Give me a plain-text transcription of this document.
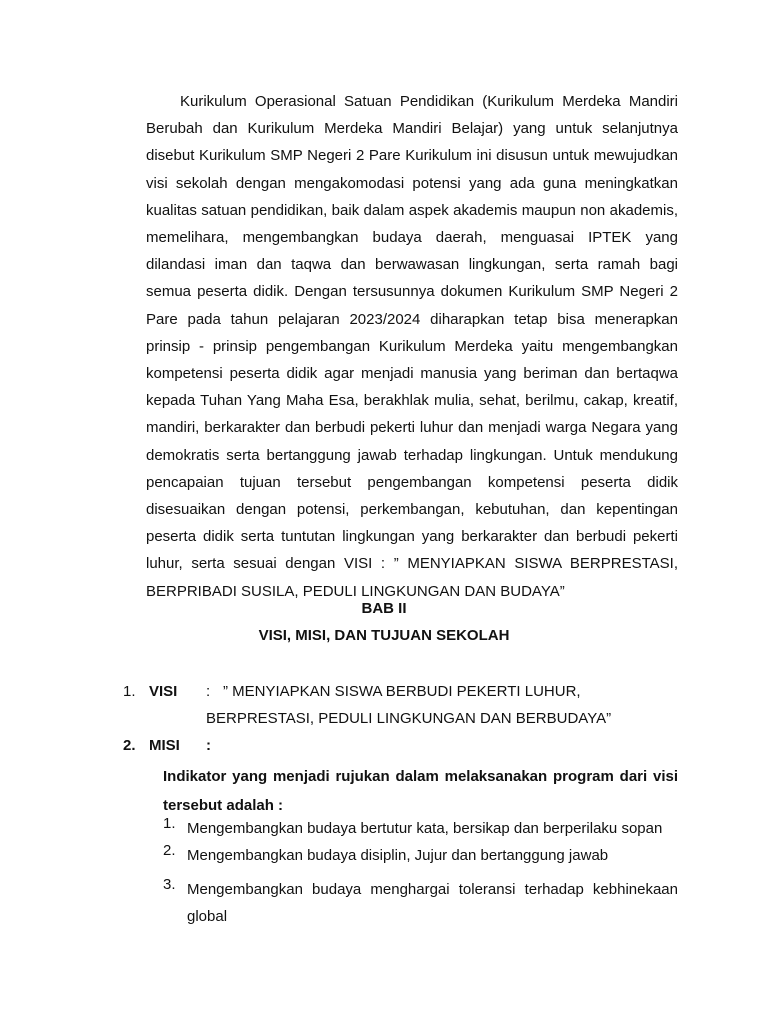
Kurikulum Operasional Satuan Pendidikan (Kurikulum Merdeka Mandiri Berubah dan Kurikulum Merdeka Mandiri Belajar) yang untuk selanjutnya disebut Kurikulum SMP Negeri 2 Pare Kurikulum ini disusun untuk mewujudkan visi sekolah dengan mengakomodasi potensi yang ada guna meningkatkan kualitas satuan pendidikan, baik dalam aspek akademis maupun non akademis, memelihara, mengembangkan budaya daerah, menguasai IPTEK yang dilandasi iman dan taqwa dan berwawasan lingkungan, serta ramah bagi semua peserta didik. Dengan tersusunnya dokumen Kurikulum SMP Negeri 2 Pare pada tahun pelajaran 2023/2024 diharapkan tetap bisa menerapkan prinsip - prinsip pengembangan Kurikulum Merdeka yaitu mengembangkan kompetensi peserta didik agar menjadi manusia yang beriman dan bertaqwa kepada Tuhan Yang Maha Esa, berakhlak mulia, sehat, berilmu, cakap, kreatif, mandiri, berkarakter dan berbudi pekerti luhur dan menjadi warga Negara yang demokratis serta bertanggung jawab terhadap lingkungan. Untuk mendukung pencapaian tujuan tersebut pengembangan kompetensi peserta didik disesuaikan dengan potensi, perkembangan, kebutuhan, dan kepentingan peserta didik serta tuntutan lingkungan yang berkarakter dan berbudi pekerti luhur, serta sesuai dengan VISI : ” MENYIAPKAN SISWA BERPRESTASI, BERPRIBADI SUSILA, PEDULI LINGKUNGAN DAN BUDAYA”

BAB II

VISI, MISI, DAN TUJUAN SEKOLAH

1. VISI : ” MENYIAPKAN SISWA BERBUDI PEKERTI LUHUR,
BERPRESTASI, PEDULI LINGKUNGAN DAN BERBUDAYA”
2. MISI :

Indikator yang menjadi rujukan dalam melaksanakan program dari visi tersebut adalah :

1. Mengembangkan budaya bertutur kata, bersikap dan berperilaku sopan
2. Mengembangkan budaya disiplin, Jujur dan bertanggung jawab
3. Mengembangkan budaya menghargai toleransi terhadap kebhinekaan global
